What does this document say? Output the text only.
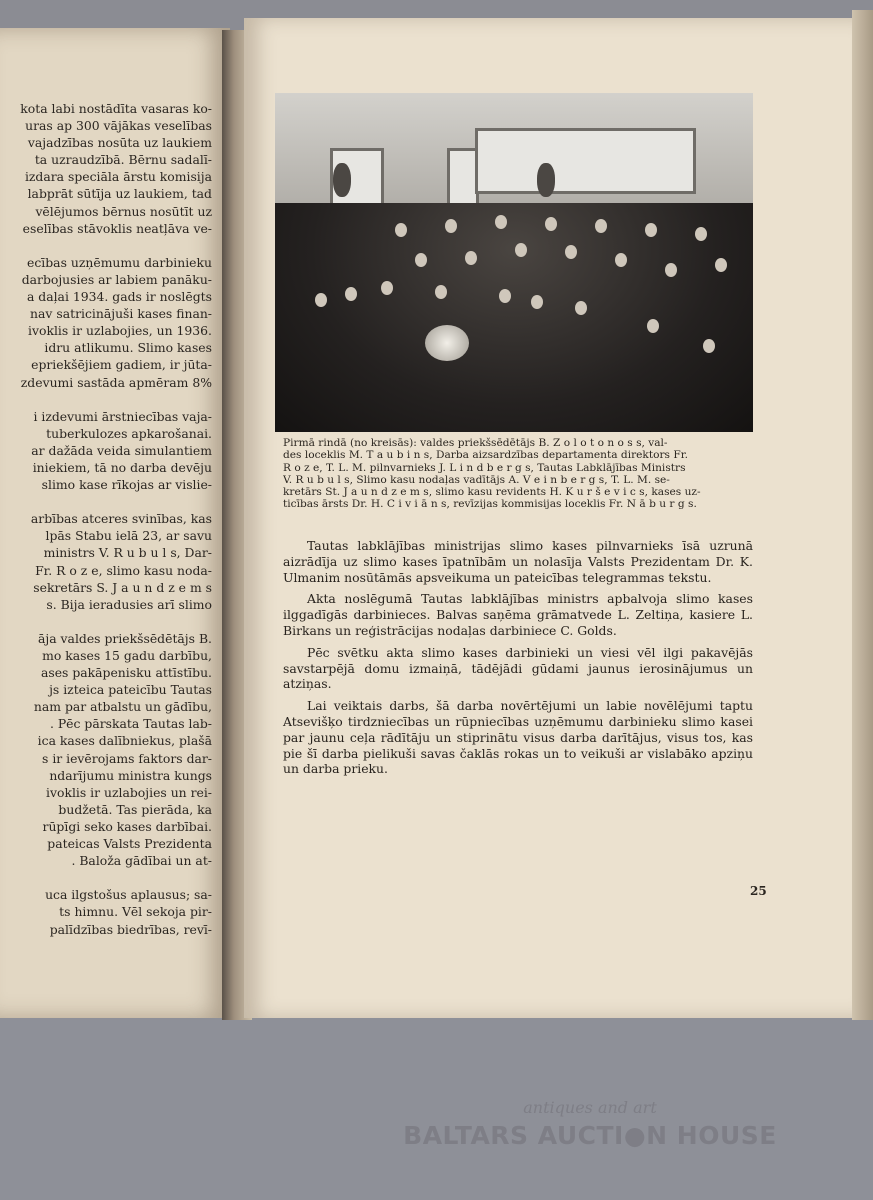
kota labi nostādīta vasaras ko-
uras ap 300 vājākas veselības
vajadzības nosūta uz laukiem
ta uzraudzībā. Bērnu sadalī-
izdara speciāla ārstu komisija
labprāt sūtīja uz laukiem, tad
vēlējumos bērnus nosūtīt uz
eselības stāvoklis neatļāva ve-
ecības uzņēmumu darbinieku
darbojusies ar labiem panāku-
a daļai 1934. gads ir noslēgts
nav satricinājuši kases finan-
ivoklis ir uzlabojies, un 1936.
idru atlikumu. Slimo kases
epriekšējiem gadiem, ir jūta-
zdevumi sastāda apmēram 8%
i izdevumi ārstniecības vaja-
tuberkulozes apkarošanai.
ar dažāda veida simulantiem
iniekiem, tā no darba devēju
slimo kase rīkojas ar vislie-
arbības atceres svinības, kas
lpās Stabu ielā 23, ar savu
ministrs V. R u b u l s, Dar-
Fr. R o z e, slimo kasu noda-
sekretārs S. J a u n d z e m s
s. Bija ieradusies arī slimo
āja valdes priekšsēdētājs B.
mo kases 15 gadu darbību,
ases pakāpenisku attīstību.
js izteica pateicību Tautas
nam par atbalstu un gādību,
. Pēc pārskata Tautas lab-
ica kases dalībniekus, plašā
s ir ievērojams faktors dar-
ndarījumu ministra kungs
ivoklis ir uzlabojies un rei-
budžetā. Tas pierāda, ka
rūpīgi seko kases darbībai.
pateicas Valsts Prezidenta
. Baloža gādībai un at-
uca ilgstošus aplausus; sa-
ts himnu. Vēl sekoja pir-
palīdzības biedrības, revī-
Pirmā rindā (no kreisās): valdes priekšsēdētājs B. Z o l o t o n o s s, val-
des loceklis M. T a u b i n s, Darba aizsardzības departamenta direktors Fr.
R o z e, T. L. M. pilnvarnieks J. L i n d b e r g s, Tautas Labklājības Ministrs
V. R u b u l s, Slimo kasu nodaļas vadītājs A. V e i n b e r g s, T. L. M. se-
kretārs St. J a u n d z e m s, slimo kasu revidents H. K u r š e v i c s, kases uz-
ticības ārsts Dr. H. C i v i ā n s, revīzijas kommisijas loceklis Fr. N ā b u r g s.

Tautas labklājības ministrijas slimo kases pilnvarnieks īsā uzrunā aizrādīja uz slimo kases īpatnībām un nolasīja Valsts Prezidentam Dr. K. Ulmanim nosūtāmās apsveikuma un pateicības telegrammas tekstu.

Akta noslēgumā Tautas labklājības ministrs apbalvoja slimo kases ilggadīgās darbinieces. Balvas saņēma grāmatvede L. Zeltiņa, kasiere L. Birkans un reģistrācijas nodaļas darbiniece C. Golds.

Pēc svētku akta slimo kases darbinieki un viesi vēl ilgi pakavējās savstarpējā domu izmaiņā, tādējādi gūdami jaunus ierosinājumus un atziņas.

Lai veiktais darbs, šā darba novērtējumi un labie novēlējumi taptu Atsevišķo tirdzniecības un rūpniecības uzņēmumu darbinieku slimo kasei par jaunu ceļa rādītāju un stiprinātu visus darba darītājus, visus tos, kas pie šī darba pielikuši savas čaklās rokas un to veikuši ar vislabāko apziņu un darba prieku.

25
antiques and art
BALTARS AUCTI●N HOUSE
